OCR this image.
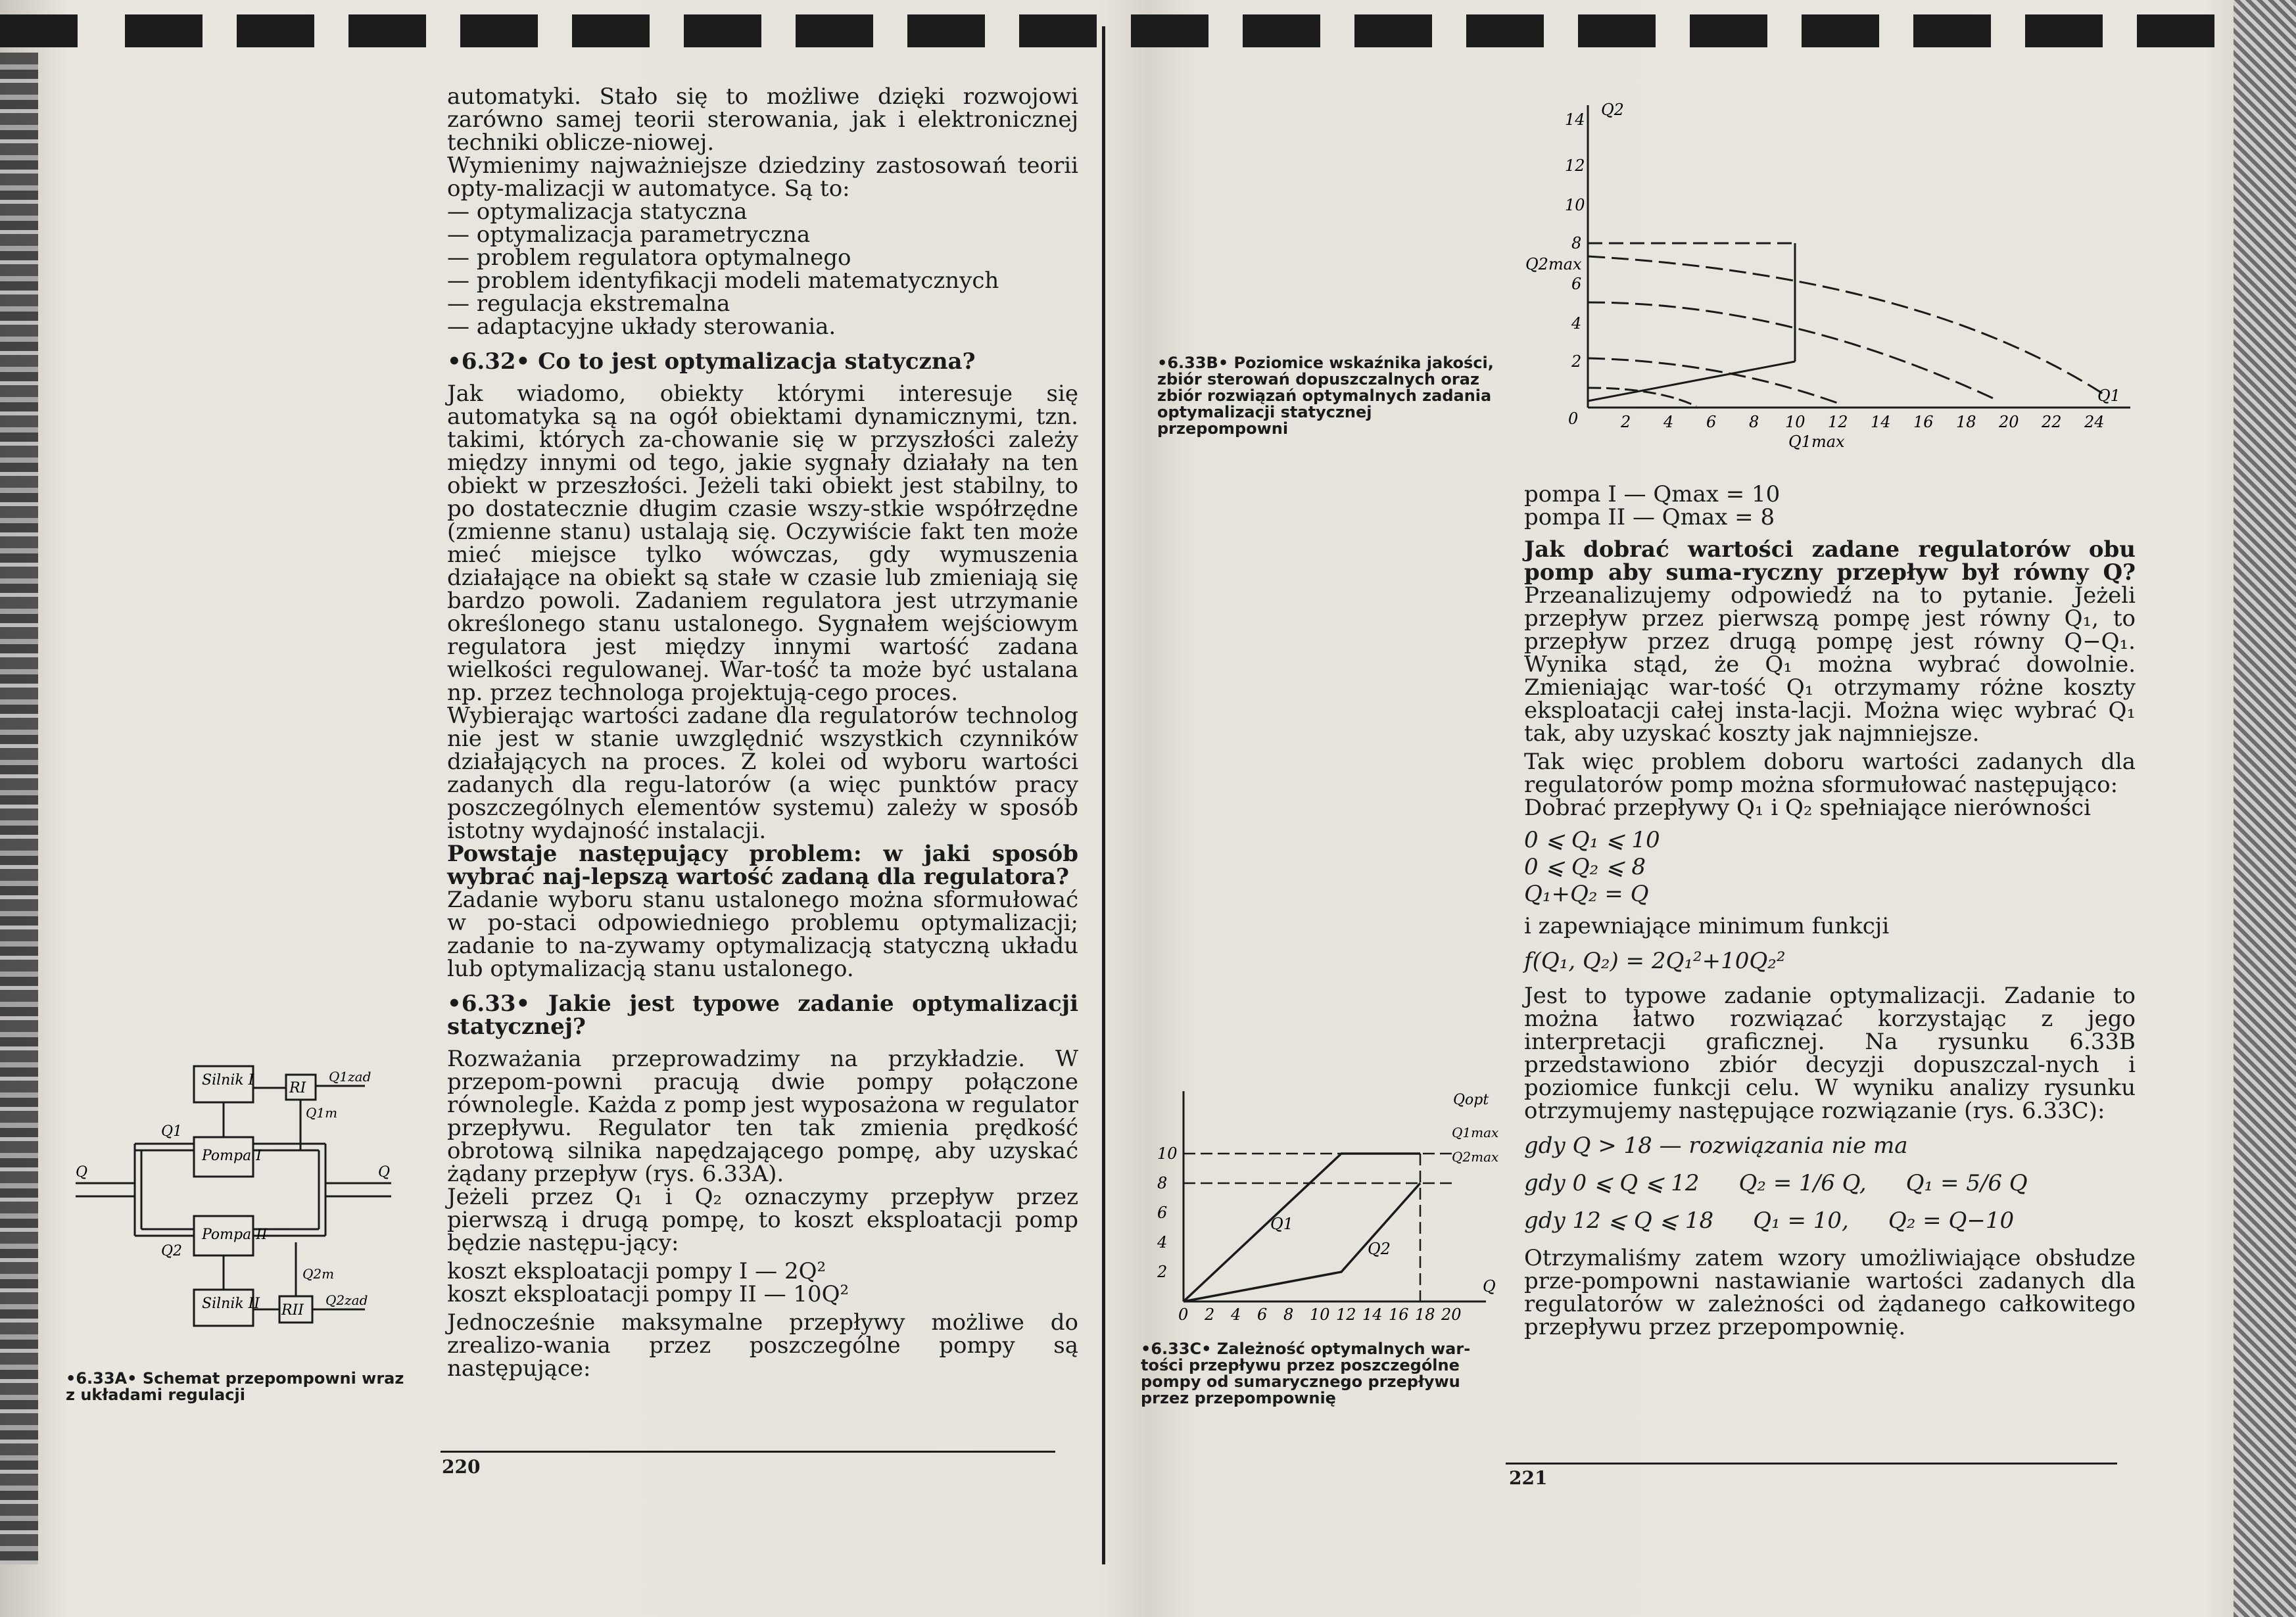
automatyki. Stało się to możliwe dzięki rozwojowi zarówno samej teorii sterowania, jak i elektronicznej techniki oblicze-niowej.

Wymienimy najważniejsze dziedziny zastosowań teorii opty-malizacji w automatyce. Są to:

— optymalizacja statyczna

— optymalizacja parametryczna

— problem regulatora optymalnego

— problem identyfikacji modeli matematycznych

— regulacja ekstremalna

— adaptacyjne układy sterowania.

•6.32• Co to jest optymalizacja statyczna?

Jak wiadomo, obiekty którymi interesuje się automatyka są na ogół obiektami dynamicznymi, tzn. takimi, których za-chowanie się w przyszłości zależy między innymi od tego, jakie sygnały działały na ten obiekt w przeszłości. Jeżeli taki obiekt jest stabilny, to po dostatecznie długim czasie wszy-stkie współrzędne (zmienne stanu) ustalają się. Oczywiście fakt ten może mieć miejsce tylko wówczas, gdy wymuszenia działające na obiekt są stałe w czasie lub zmieniają się bardzo powoli. Zadaniem regulatora jest utrzymanie określonego stanu ustalonego. Sygnałem wejściowym regulatora jest między innymi wartość zadana wielkości regulowanej. War-tość ta może być ustalana np. przez technologa projektują-cego proces.

Wybierając wartości zadane dla regulatorów technolog nie jest w stanie uwzględnić wszystkich czynników działających na proces. Z kolei od wyboru wartości zadanych dla regu-latorów (a więc punktów pracy poszczególnych elementów systemu) zależy w sposób istotny wydajność instalacji.

Powstaje następujący problem: w jaki sposób wybrać naj-lepszą wartość zadaną dla regulatora?

Zadanie wyboru stanu ustalonego można sformułować w po-staci odpowiedniego problemu optymalizacji; zadanie to na-zywamy optymalizacją statyczną układu lub optymalizacją stanu ustalonego.

•6.33• Jakie jest typowe zadanie optymalizacji statycznej?

Rozważania przeprowadzimy na przykładzie. W przepom-powni pracują dwie pompy połączone równolegle. Każda z pomp jest wyposażona w regulator przepływu. Regulator ten tak zmienia prędkość obrotową silnika napędzającego pompę, aby uzyskać żądany przepływ (rys. 6.33A).

Jeżeli przez Q₁ i Q₂ oznaczymy przepływ przez pierwszą i drugą pompę, to koszt eksploatacji pomp będzie następu-jący:

koszt eksploatacji pompy I — 2Q²

koszt eksploatacji pompy II — 10Q²

Jednocześnie maksymalne przepływy możliwe do zrealizo-wania przez poszczególne pompy są następujące:

220
Silnik I
Pompa I
Pompa II
Silnik II
RI
RII
Q1zad
Q1m
Q2m
Q2zad
Q1
Q2
Q	Q
•6.33A• Schemat przepompowni wraz z układami regulacji
Q2
Q1
Q2max
Q1max
14
12
10
8
6
4
2
0	2 4 6 8 10 12 14 16 18 20 22 24
•6.33B• Poziomice wskaźnika jakości, zbiór sterowań dopuszczalnych oraz zbiór rozwiązań optymalnych zadania optymalizacji statycznej przepompowni

pompa I — Qmax = 10

pompa II — Qmax = 8

Jak dobrać wartości zadane regulatorów obu pomp aby suma-ryczny przepływ był równy Q? Przeanalizujemy odpowiedź na to pytanie. Jeżeli przepływ przez pierwszą pompę jest równy Q₁, to przepływ przez drugą pompę jest równy Q−Q₁. Wynika stąd, że Q₁ można wybrać dowolnie. Zmieniając war-tość Q₁ otrzymamy różne koszty eksploatacji całej insta-lacji. Można więc wybrać Q₁ tak, aby uzyskać koszty jak najmniejsze.

Tak więc problem doboru wartości zadanych dla regulatorów pomp można sformułować następująco:

Dobrać przepływy Q₁ i Q₂ spełniające nierówności

0 ⩽ Q₁ ⩽ 10

0 ⩽ Q₂ ⩽ 8

Q₁+Q₂ = Q

i zapewniające minimum funkcji

f(Q₁, Q₂) = 2Q₁²+10Q₂²

Jest to typowe zadanie optymalizacji. Zadanie to można łatwo rozwiązać korzystając z jego interpretacji graficznej. Na rysunku 6.33B przedstawiono zbiór decyzji dopuszczal-nych i poziomice funkcji celu. W wyniku analizy rysunku otrzymujemy następujące rozwiązanie (rys. 6.33C):

gdy Q > 18 — rozwiązania nie ma

gdy 0 ⩽ Q ⩽ 12 Q₂ = 1/6 Q, Q₁ = 5/6 Q
gdy 12 ⩽ Q ⩽ 18 Q₁ = 10, Q₂ = Q−10

Otrzymaliśmy zatem wzory umożliwiające obsłudze prze-pompowni nastawianie wartości zadanych dla regulatorów w zależności od żądanego całkowitego przepływu przez przepompownię.

221
0 2 4 6 8 10 12 14 16 18 20
10
8
6
4
2
Q
Qopt
Q1
Q2
Q1max
Q2max
•6.33C• Zależność optymalnych war-tości przepływu przez poszczególne pompy od sumarycznego przepływu przez przepompownię
